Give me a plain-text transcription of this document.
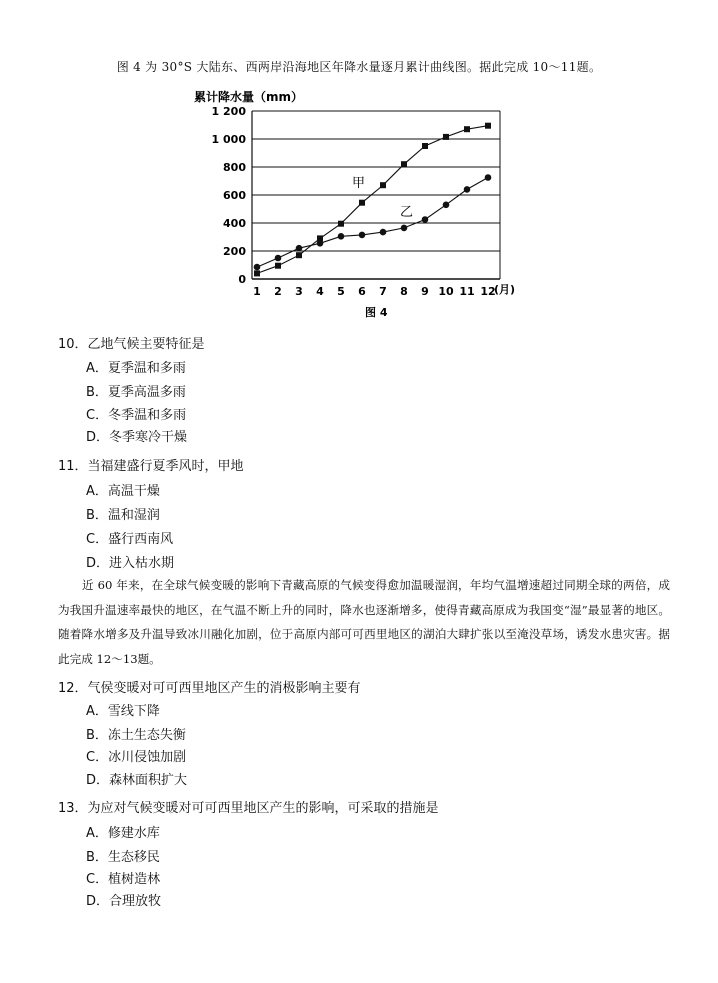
图 4 为 30°S 大陆东、西两岸沿海地区年降水量逐月累计曲线图。据此完成 10～11题。
累计降水量（mm）
0
200
400
600
800
1 000
1 200
1 2 3 4 5 6 7 8 9 10 11 12
(月)
甲
乙
图 4
10．乙地气候主要特征是
A．夏季温和多雨
B．夏季高温多雨
C．冬季温和多雨
D．冬季寒冷干燥
11．当福建盛行夏季风时，甲地
A．高温干燥
B．温和湿润
C．盛行西南风
D．进入枯水期

近 60 年来，在全球气候变暖的影响下青藏高原的气候变得愈加温暖湿润，年均气温增速超过同期全球的两倍，成为我国升温速率最快的地区，在气温不断上升的同时，降水也逐渐增多，使得青藏高原成为我国变“湿”最显著的地区。随着降水增多及升温导致冰川融化加剧，位于高原内部可可西里地区的湖泊大肆扩张以至淹没草场，诱发水患灾害。据此完成 12～13题。

12．气侯变暖对可可西里地区产生的消极影响主要有
A．雪线下降
B．冻土生态失衡
C．冰川侵蚀加剧
D．森林面积扩大
13．为应对气候变暖对可可西里地区产生的影响，可采取的措施是
A．修建水库
B．生态移民
C．植树造林
D．合理放牧
